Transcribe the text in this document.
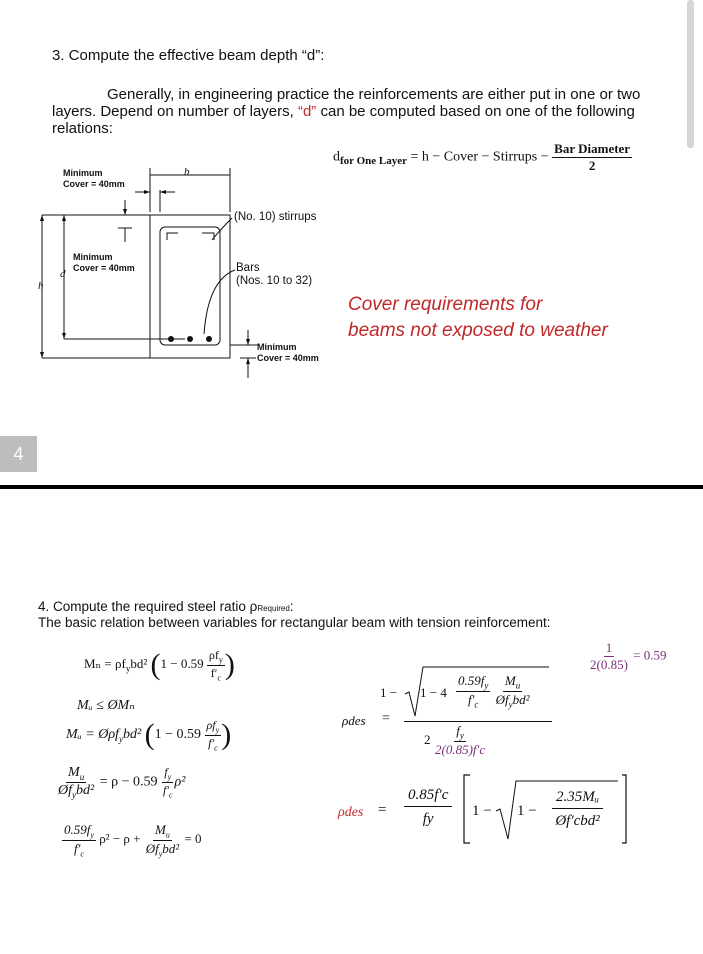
3. Compute the effective beam depth “d”:
Generally, in engineering practice the reinforcements are either put in one or two layers. Depend on number of layers, “d” can be computed based on one of the following relations:
$d_{for One Layer} = h$ − Cover − Stirrups − $\frac{\text{Bar Diameter}}{2}$
Minimum
Cover = 40mm
b
(No. 10) stirrups
Minimum
Cover = 40mm
d
h
Bars
(Nos. 10 to 32)
Minimum
Cover = 40mm
Cover requirements for
beams not exposed to weather
4
4. Compute the required steel ratio ρRequired:
The basic relation between variables for rectangular beam with tension reinforcement:
$\frac{1}{2(0.85)} = 0.59$
$M_n = \rho f_ybd^2$ ($1 - 0.59 \frac{\rho f_y}{f'_c}$ )
Mᵤ ≤ ØMₙ
Mᵤ = Øρf$_y$bd² ($1 - 0.59 \frac{\rho f_y}{f'_c}$ )
$\frac{M_u}{Øf_ybd^2} = \rho - 0.59 \frac{f_y}{f'_c} \rho^2$
$\frac{0.59f_y}{f'_c} \rho^2 - \rho + \frac{M_u}{Øf_ybd^2} = 0$
ρdes =
$1 - 1 - 4 \frac{0.59f_y}{f'_c}$
$\frac{M_u}{Øf_ybd^2}$
$2 \frac{f_y}{2(0.85)f'c}$
$\rho des = \frac{0.85f'c}{fy} 1 - 1 - \frac{\text{2.35Mᵤ}}{\text{Øf′cbd²}}$
